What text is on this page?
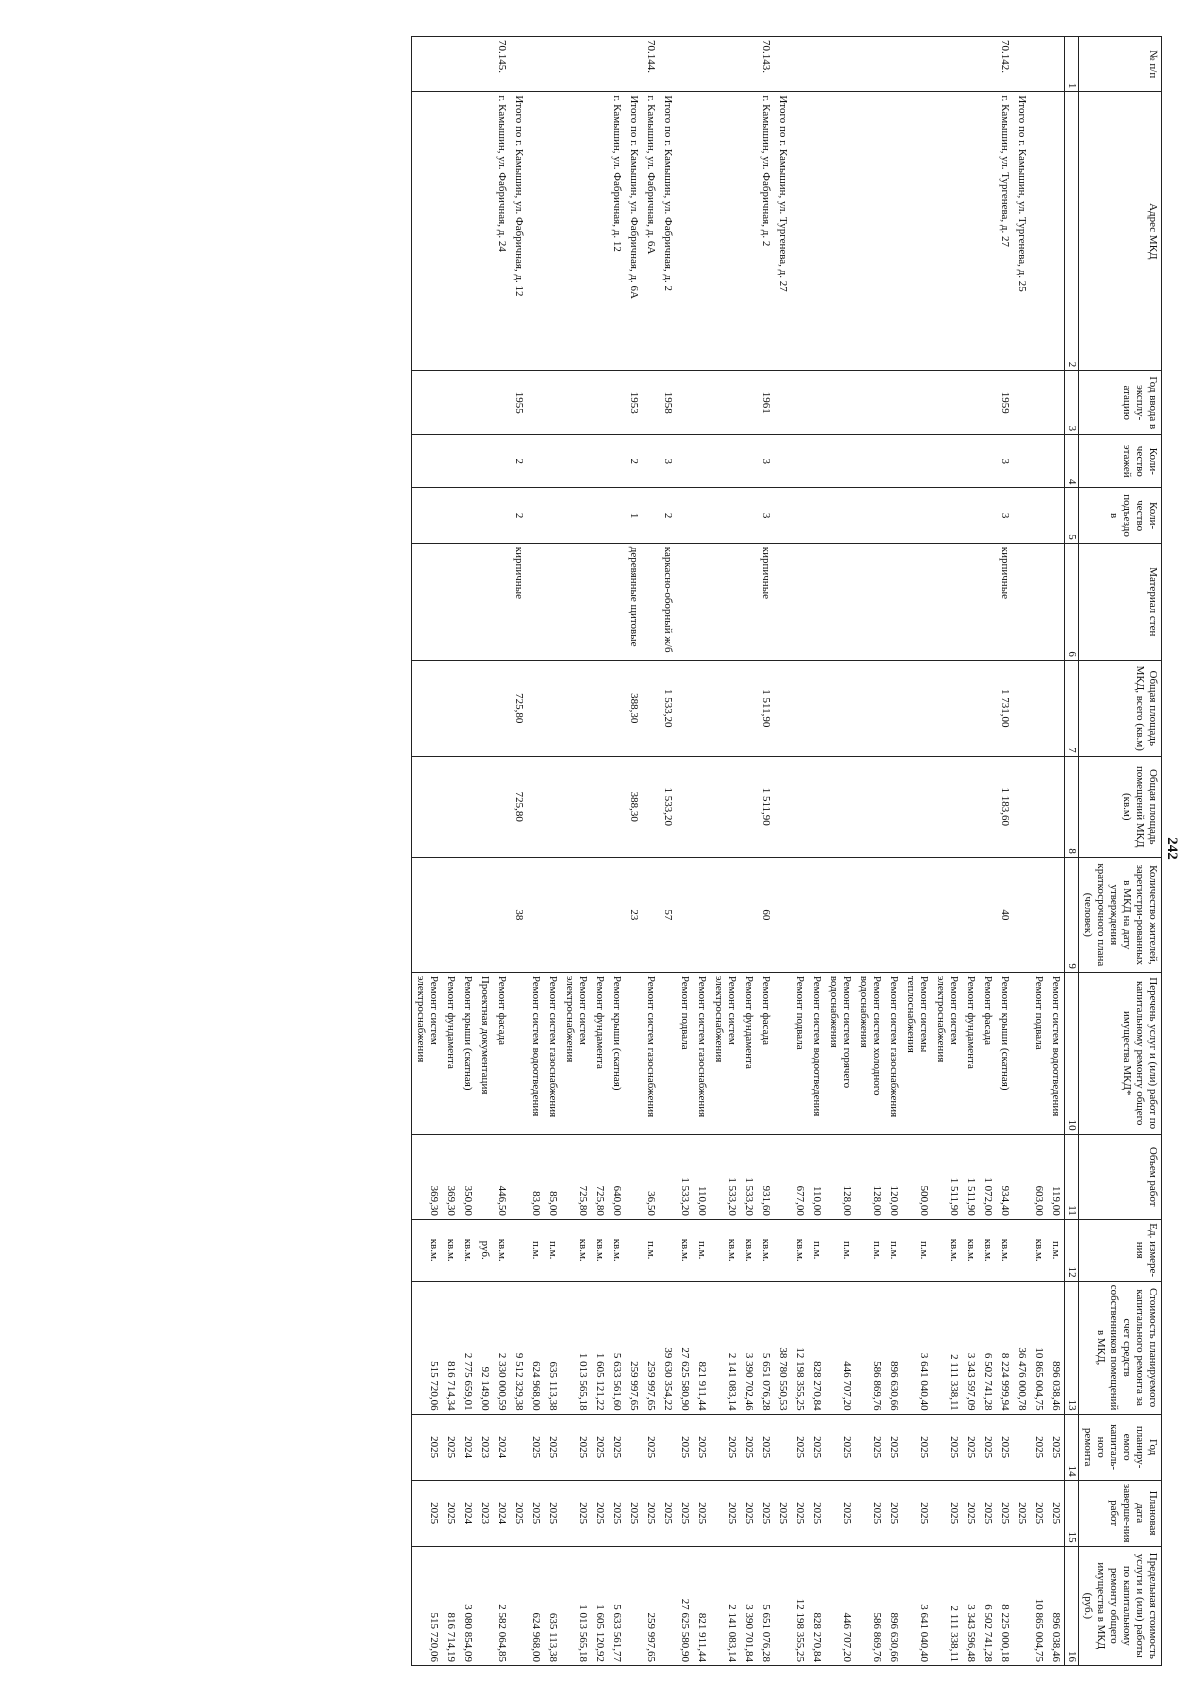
242
№ п/п	Адрес МКД	Год ввода в эксплу-атацию	Коли-чество этажей	Коли-чество подъездо в	Материал стен	Общая площадь МКД, всего (кв.м)	Общая площадь помещений МКД (кв.м)	Количество жителей, зарегистри-рованных в МКД на дату утверждения краткосрочного плана (человек)	Перечень услуг и (или) работ по капитальному ремонту общего имущества МКД*	Объем работ	Ед. измере-ния	Стоимость планируемого капитального ремонта за счет средств собственников помещений в МКД,	Год планиру-емого капиталь-ного ремонта	Плановая дата заверше-ния работ	Предельная стоимость услуги и (или) работы по капитальному ремонту общего имущества в МКД (руб.)
1	2	3	4	5	6	7	8	9	10	11	12	13	14	15	16
									Ремонт систем водоотведения	119,00	п.м.	896 038,46	2025	2025	896 038,46
									Ремонт подвала	603,00	кв.м.	10 865 004,75	2025	2025	10 865 004,75
	Итого по г. Камышин, ул. Тургенева, д. 25											36 476 000,78		2025	
70.142.	г. Камышин, ул. Тургенева, д. 27	1959	3	3	кирпичные	1 731,00	1 183,60	40	Ремонт крыши (скатная)	934,40	кв.м.	8 224 999,94	2025	2025	8 225 000,18
									Ремонт фасада	1 072,00	кв.м.	6 502 741,28	2025	2025	6 502 741,28
									Ремонт фундамента	1 511,90	кв.м.	3 343 597,09	2025	2025	3 343 596,48
									Ремонт систем электроснабжения	1 511,90	кв.м.	2 111 338,11	2025	2025	2 111 338,11
									Ремонт системы теплоснабжения	500,00	п.м.	3 641 040,40	2025	2025	3 641 040,40
									Ремонт систем газоснабжения	120,00	п.м.	896 630,66	2025	2025	896 630,66
									Ремонт систем холодного водоснабжения	128,00	п.м.	586 869,76	2025	2025	586 869,76
									Ремонт систем горячего водоснабжения	128,00	п.м.	446 707,20	2025	2025	446 707,20
									Ремонт систем водоотведения	110,00	п.м.	828 270,84	2025	2025	828 270,84
									Ремонт подвала	677,00	кв.м.	12 198 355,25	2025	2025	12 198 355,25
	Итого по г. Камышин, ул. Тургенева, д. 27											38 780 550,53		2025	
70.143.	г. Камышин, ул. Фабричная, д. 2	1961	3	3	кирпичные	1 511,90	1 511,90	60	Ремонт фасада	931,60	кв.м.	5 651 076,28	2025	2025	5 651 076,28
									Ремонт фундамента	1 533,20	кв.м.	3 390 702,46	2025	2025	3 390 701,84
									Ремонт систем электроснабжения	1 533,20	кв.м.	2 141 083,14	2025	2025	2 141 083,14
									Ремонт систем газоснабжения	110,00	п.м.	821 911,44	2025	2025	821 911,44
									Ремонт подвала	1 533,20	кв.м.	27 625 580,90	2025	2025	27 625 580,90
	Итого по г. Камышин, ул. Фабричная, д. 2	1958	3	2	каркасно-оборный ж/б	1 533,20	1 533,20	57				39 630 354,22		2025	
70.144.	г. Камышин, ул. Фабричная, д. 6А								Ремонт систем газоснабжения	36,50	п.м.	259 997,65	2025	2025	259 997,65
	Итого по г. Камышин, ул. Фабричная, д. 6А	1953	2	1	деревянные щитовые	388,30	388,30	23				259 997,65		2025	
	г. Камышин, ул. Фабричная, д. 12								Ремонт крыши (скатная)	640,00	кв.м.	5 633 561,60	2025	2025	5 633 561,77
									Ремонт фундамента	725,80	кв.м.	1 605 121,22	2025	2025	1 605 120,92
									Ремонт систем электроснабжения	725,80	кв.м.	1 013 565,18	2025	2025	1 013 565,18
									Ремонт систем газоснабжения	85,00	п.м.	635 113,38	2025	2025	635 113,38
									Ремонт систем водоотведения	83,00	п.м.	624 968,00	2025	2025	624 968,00
	Итого по г. Камышин, ул. Фабричная, д. 12	1955	2	2	кирпичные	725,80	725,80	38				9 512 329,38		2025	
70.145.	г. Камышин, ул. Фабричная, д. 24								Ремонт фасада	446,50	кв.м.	2 330 000,59	2024	2024	2 582 064,85
									Проектная документация		руб.	92 149,00	2023	2023	
									Ремонт крыши (скатная)	350,00	кв.м.	2 775 659,01	2024	2024	3 080 854,09
									Ремонт фундамента	369,30	кв.м.	816 714,34	2025	2025	816 714,19
									Ремонт систем электроснабжения	369,30	кв.м.	515 720,06	2025	2025	515 720,06
